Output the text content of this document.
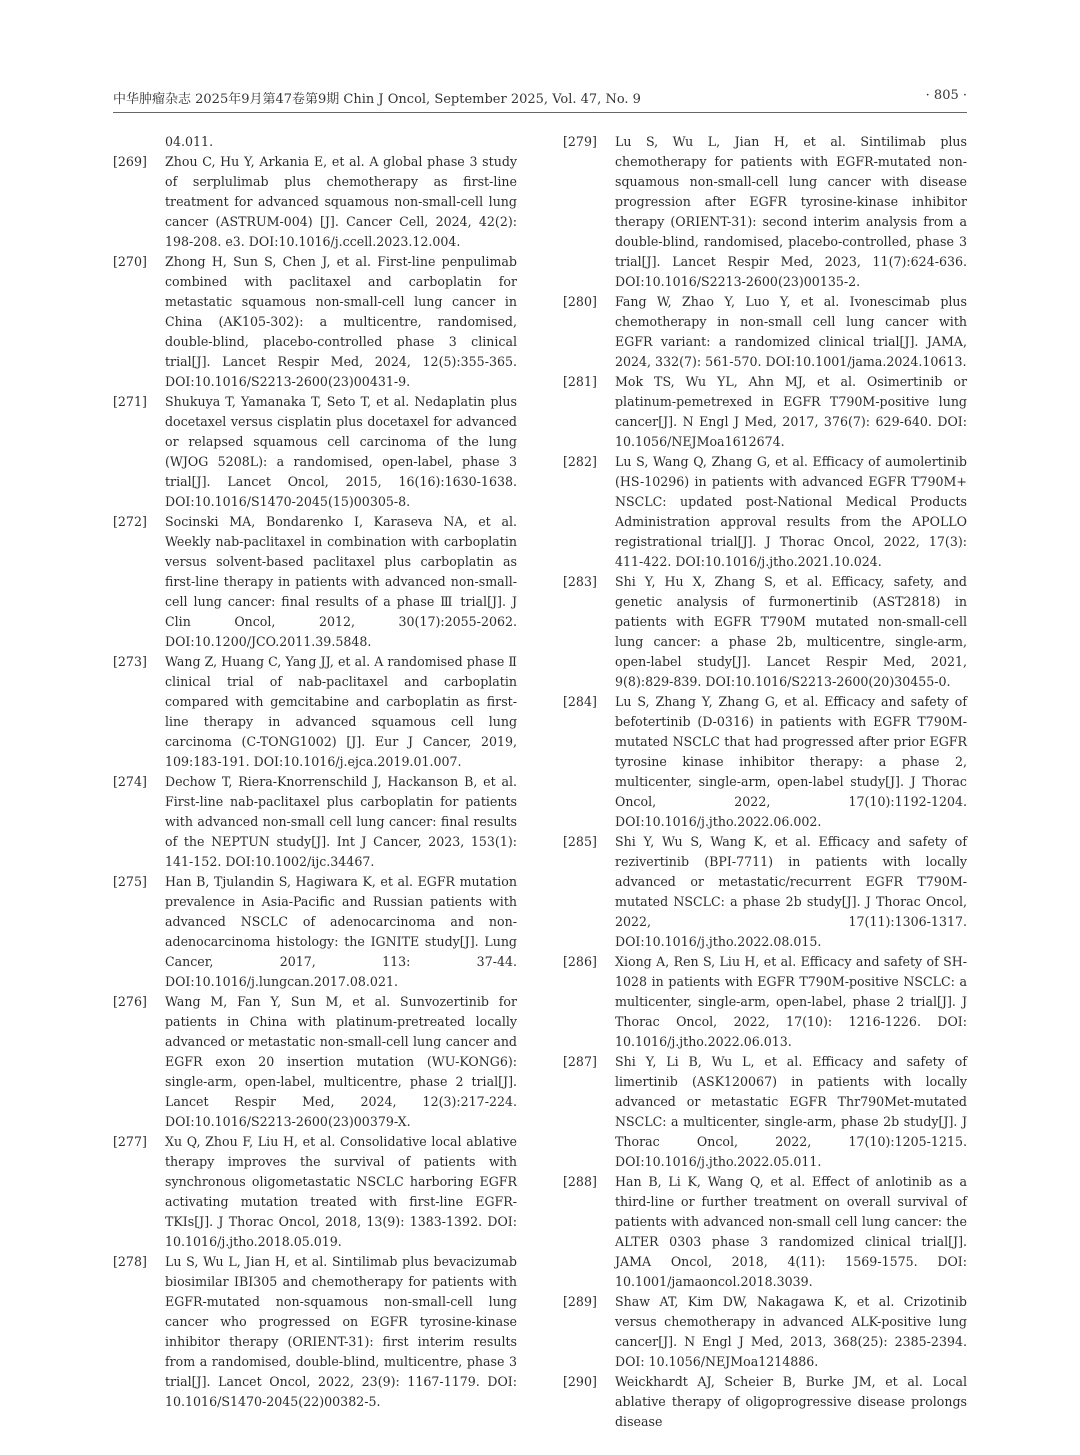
中华肿瘤杂志 2025年9月第47卷第9期 Chin J Oncol, September 2025, Vol. 47, No. 9	· 805 ·
04.011.
[269] Zhou C, Hu Y, Arkania E, et al. A global phase 3 study of serplulimab plus chemotherapy as first-line treatment for advanced squamous non-small-cell lung cancer (ASTRUM-004) [J]. Cancer Cell, 2024, 42(2): 198-208. e3. DOI:10.1016/j.ccell.2023.12.004.
[270] Zhong H, Sun S, Chen J, et al. First-line penpulimab combined with paclitaxel and carboplatin for metastatic squamous non-small-cell lung cancer in China (AK105-302): a multicentre, randomised, double-blind, placebo-controlled phase 3 clinical trial[J]. Lancet Respir Med, 2024, 12(5):355-365. DOI:10.1016/S2213-2600(23)00431-9.
[271] Shukuya T, Yamanaka T, Seto T, et al. Nedaplatin plus docetaxel versus cisplatin plus docetaxel for advanced or relapsed squamous cell carcinoma of the lung (WJOG 5208L): a randomised, open-label, phase 3 trial[J]. Lancet Oncol, 2015, 16(16):1630-1638. DOI:10.1016/S1470-2045(15)00305-8.
[272] Socinski MA, Bondarenko I, Karaseva NA, et al. Weekly nab-paclitaxel in combination with carboplatin versus solvent-based paclitaxel plus carboplatin as first-line therapy in patients with advanced non-small-cell lung cancer: final results of a phase Ⅲ trial[J]. J Clin Oncol, 2012, 30(17):2055-2062. DOI:10.1200/JCO.2011.39.5848.
[273] Wang Z, Huang C, Yang JJ, et al. A randomised phase Ⅱ clinical trial of nab-paclitaxel and carboplatin compared with gemcitabine and carboplatin as first-line therapy in advanced squamous cell lung carcinoma (C-TONG1002) [J]. Eur J Cancer, 2019, 109:183-191. DOI:10.1016/j.ejca.2019.01.007.
[274] Dechow T, Riera-Knorrenschild J, Hackanson B, et al. First-line nab-paclitaxel plus carboplatin for patients with advanced non-small cell lung cancer: final results of the NEPTUN study[J]. Int J Cancer, 2023, 153(1): 141-152. DOI:10.1002/ijc.34467.
[275] Han B, Tjulandin S, Hagiwara K, et al. EGFR mutation prevalence in Asia-Pacific and Russian patients with advanced NSCLC of adenocarcinoma and non-adenocarcinoma histology: the IGNITE study[J]. Lung Cancer, 2017, 113: 37-44. DOI:10.1016/j.lungcan.2017.08.021.
[276] Wang M, Fan Y, Sun M, et al. Sunvozertinib for patients in China with platinum-pretreated locally advanced or metastatic non-small-cell lung cancer and EGFR exon 20 insertion mutation (WU-KONG6): single-arm, open-label, multicentre, phase 2 trial[J]. Lancet Respir Med, 2024, 12(3):217-224. DOI:10.1016/S2213-2600(23)00379-X.
[277] Xu Q, Zhou F, Liu H, et al. Consolidative local ablative therapy improves the survival of patients with synchronous oligometastatic NSCLC harboring EGFR activating mutation treated with first-line EGFR-TKIs[J]. J Thorac Oncol, 2018, 13(9): 1383-1392. DOI: 10.1016/j.jtho.2018.05.019.
[278] Lu S, Wu L, Jian H, et al. Sintilimab plus bevacizumab biosimilar IBI305 and chemotherapy for patients with EGFR-mutated non-squamous non-small-cell lung cancer who progressed on EGFR tyrosine-kinase inhibitor therapy (ORIENT-31): first interim results from a randomised, double-blind, multicentre, phase 3 trial[J]. Lancet Oncol, 2022, 23(9): 1167-1179. DOI: 10.1016/S1470-2045(22)00382-5.
[279] Lu S, Wu L, Jian H, et al. Sintilimab plus chemotherapy for patients with EGFR-mutated non-squamous non-small-cell lung cancer with disease progression after EGFR tyrosine-kinase inhibitor therapy (ORIENT-31): second interim analysis from a double-blind, randomised, placebo-controlled, phase 3 trial[J]. Lancet Respir Med, 2023, 11(7):624-636. DOI:10.1016/S2213-2600(23)00135-2.
[280] Fang W, Zhao Y, Luo Y, et al. Ivonescimab plus chemotherapy in non-small cell lung cancer with EGFR variant: a randomized clinical trial[J]. JAMA, 2024, 332(7): 561-570. DOI:10.1001/jama.2024.10613.
[281] Mok TS, Wu YL, Ahn MJ, et al. Osimertinib or platinum-pemetrexed in EGFR T790M-positive lung cancer[J]. N Engl J Med, 2017, 376(7): 629-640. DOI: 10.1056/NEJMoa1612674.
[282] Lu S, Wang Q, Zhang G, et al. Efficacy of aumolertinib (HS-10296) in patients with advanced EGFR T790M+ NSCLC: updated post-National Medical Products Administration approval results from the APOLLO registrational trial[J]. J Thorac Oncol, 2022, 17(3): 411-422. DOI:10.1016/j.jtho.2021.10.024.
[283] Shi Y, Hu X, Zhang S, et al. Efficacy, safety, and genetic analysis of furmonertinib (AST2818) in patients with EGFR T790M mutated non-small-cell lung cancer: a phase 2b, multicentre, single-arm, open-label study[J]. Lancet Respir Med, 2021, 9(8):829-839. DOI:10.1016/S2213-2600(20)30455-0.
[284] Lu S, Zhang Y, Zhang G, et al. Efficacy and safety of befotertinib (D-0316) in patients with EGFR T790M-mutated NSCLC that had progressed after prior EGFR tyrosine kinase inhibitor therapy: a phase 2, multicenter, single-arm, open-label study[J]. J Thorac Oncol, 2022, 17(10):1192-1204. DOI:10.1016/j.jtho.2022.06.002.
[285] Shi Y, Wu S, Wang K, et al. Efficacy and safety of rezivertinib (BPI-7711) in patients with locally advanced or metastatic/recurrent EGFR T790M-mutated NSCLC: a phase 2b study[J]. J Thorac Oncol, 2022, 17(11):1306-1317. DOI:10.1016/j.jtho.2022.08.015.
[286] Xiong A, Ren S, Liu H, et al. Efficacy and safety of SH-1028 in patients with EGFR T790M-positive NSCLC: a multicenter, single-arm, open-label, phase 2 trial[J]. J Thorac Oncol, 2022, 17(10): 1216-1226. DOI: 10.1016/j.jtho.2022.06.013.
[287] Shi Y, Li B, Wu L, et al. Efficacy and safety of limertinib (ASK120067) in patients with locally advanced or metastatic EGFR Thr790Met-mutated NSCLC: a multicenter, single-arm, phase 2b study[J]. J Thorac Oncol, 2022, 17(10):1205-1215. DOI:10.1016/j.jtho.2022.05.011.
[288] Han B, Li K, Wang Q, et al. Effect of anlotinib as a third-line or further treatment on overall survival of patients with advanced non-small cell lung cancer: the ALTER 0303 phase 3 randomized clinical trial[J]. JAMA Oncol, 2018, 4(11): 1569-1575. DOI: 10.1001/jamaoncol.2018.3039.
[289] Shaw AT, Kim DW, Nakagawa K, et al. Crizotinib versus chemotherapy in advanced ALK-positive lung cancer[J]. N Engl J Med, 2013, 368(25): 2385-2394. DOI: 10.1056/NEJMoa1214886.
[290] Weickhardt AJ, Scheier B, Burke JM, et al. Local ablative therapy of oligoprogressive disease prolongs disease
